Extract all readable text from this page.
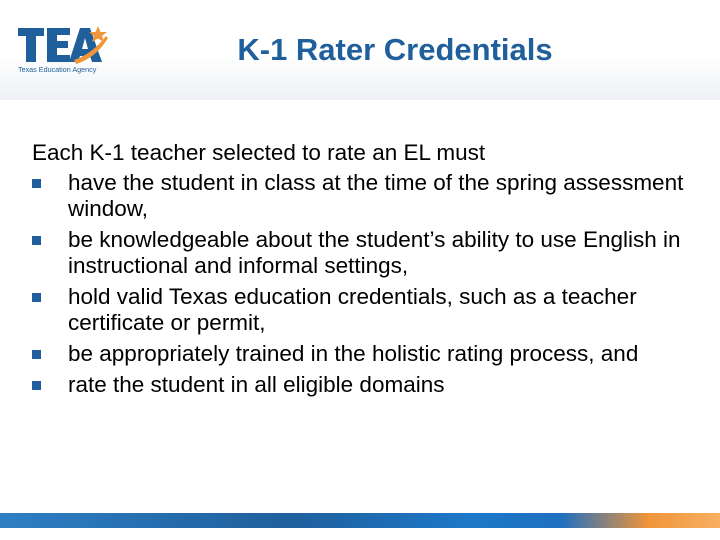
Texas Education Agency
K-1 Rater Credentials

Each K-1 teacher selected to rate an EL must

have the student in class at the time of the spring assessment window,
be knowledgeable about the student’s ability to use English in instructional and informal settings,
hold valid Texas education credentials, such as a teacher certificate or permit,
be appropriately trained in the holistic rating process, and
rate the student in all eligible domains
